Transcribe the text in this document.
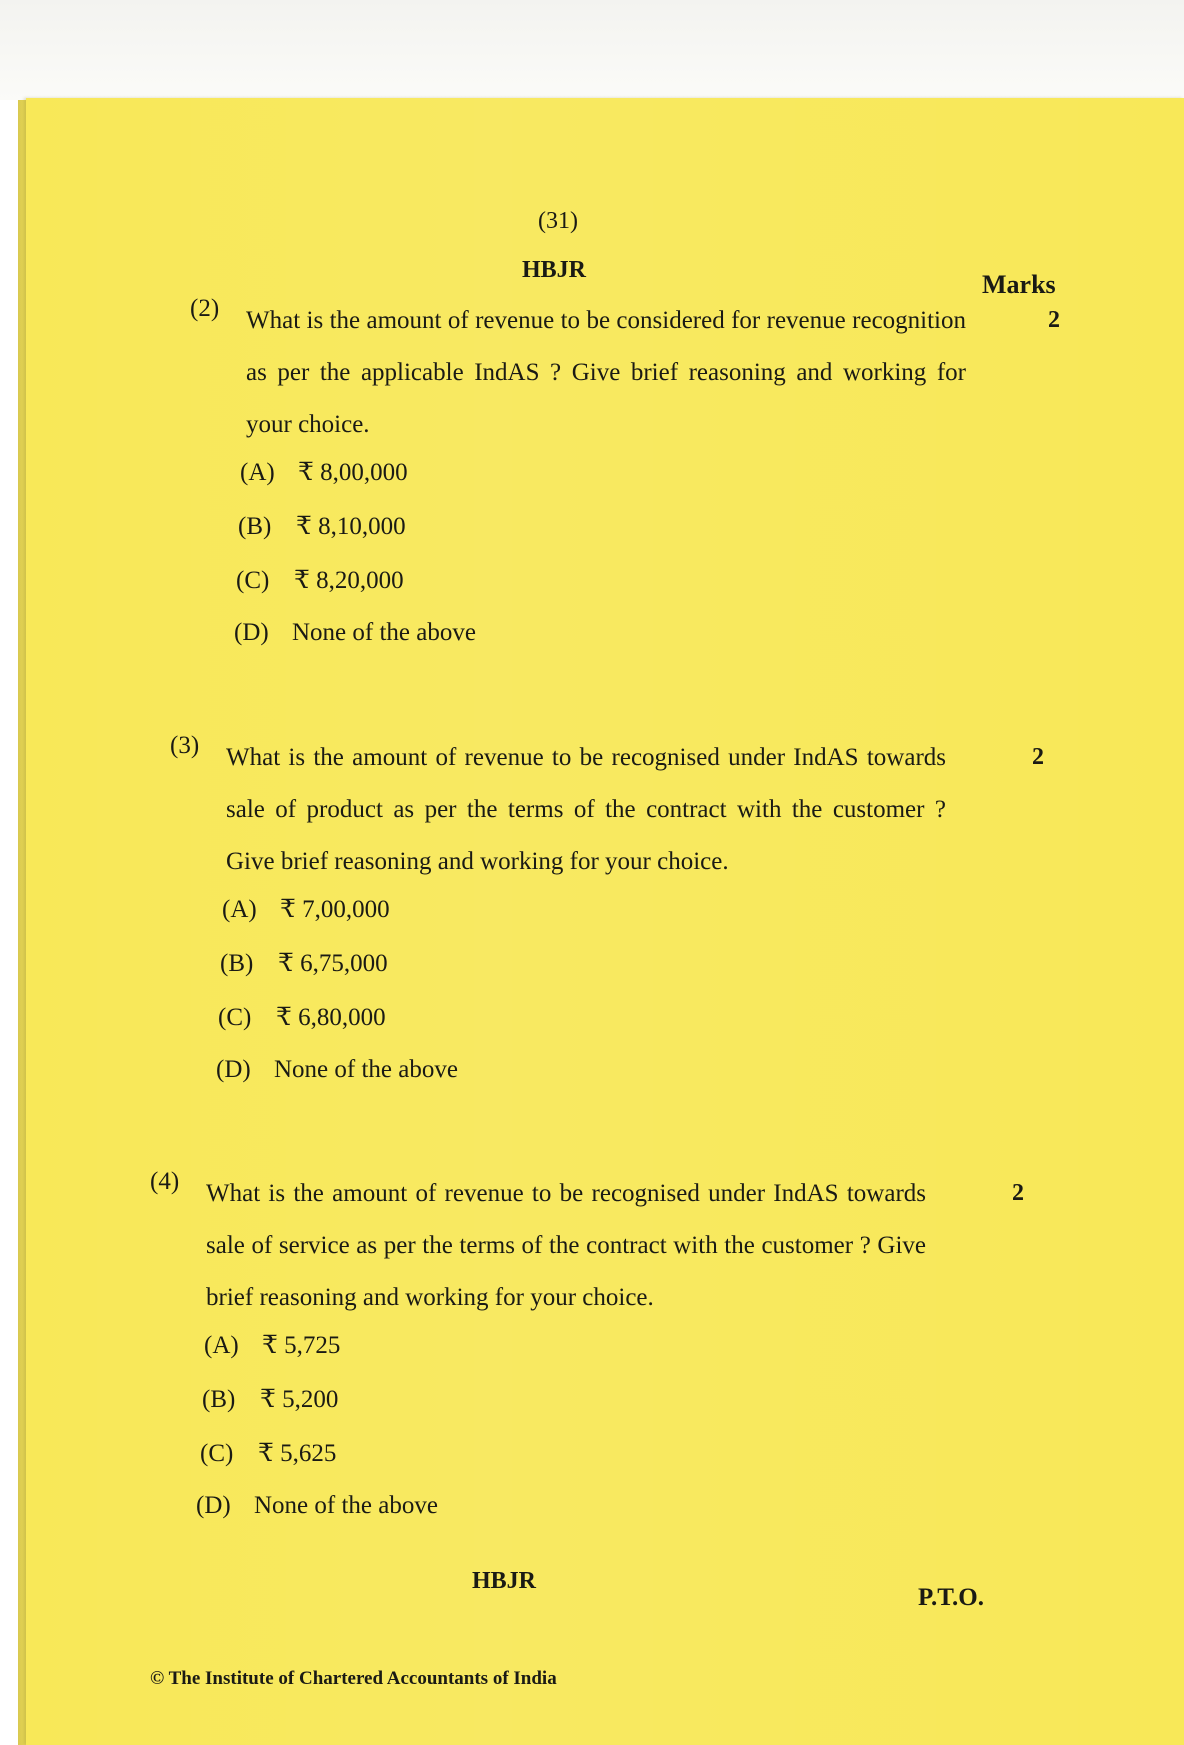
(31)
HBJR	Marks
(2) What is the amount of revenue to be considered for revenue recognition as per the applicable IndAS ? Give brief reasoning and working for your choice.
2
(A) ₹ 8,00,000
(B) ₹ 8,10,000
(C) ₹ 8,20,000
(D) None of the above
(3) What is the amount of revenue to be recognised under IndAS towards sale of product as per the terms of the contract with the customer ? Give brief reasoning and working for your choice.
2
(A) ₹ 7,00,000
(B) ₹ 6,75,000
(C) ₹ 6,80,000
(D) None of the above
(4) What is the amount of revenue to be recognised under IndAS towards sale of service as per the terms of the contract with the customer ? Give brief reasoning and working for your choice.
2
(A) ₹ 5,725
(B) ₹ 5,200
(C) ₹ 5,625
(D) None of the above
HBJR
P.T.O.
© The Institute of Chartered Accountants of India
